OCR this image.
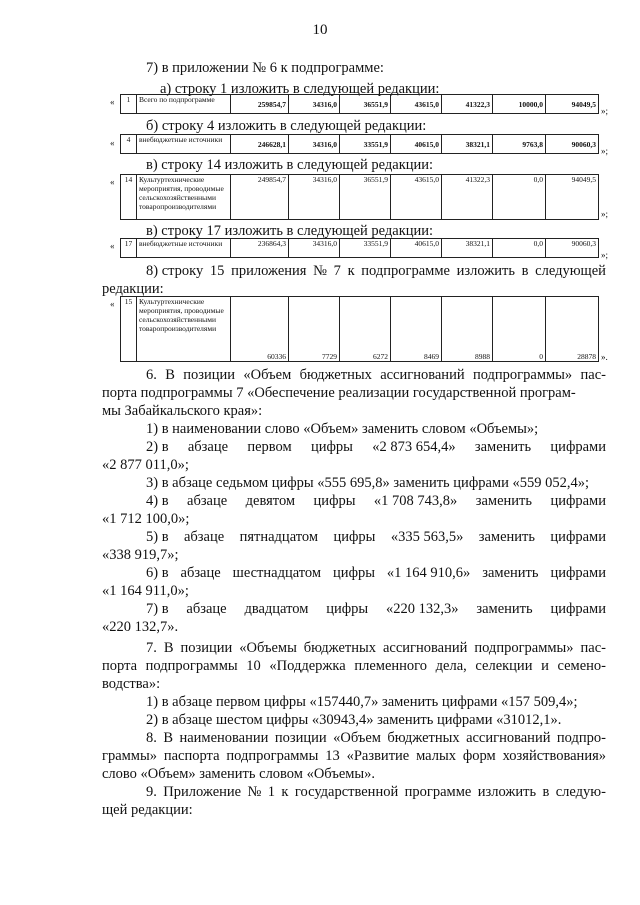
10
7) в приложении № 6 к подпрограмме:
а) строку 1 изложить в следующей редакции:
« 1	Всего по подпрограмме	259854,7	34316,0	36551,9	43615,0	41322,3	10000,0	94049,5
»;
б) строку 4 изложить в следующей редакции:
« 4	внебюджетные источники	246628,1	34316,0	33551,9	40615,0	38321,1	9763,8	90060,3
»;
в) строку 14 изложить в следующей редакции:
« 14	Культуртехнические мероприятия, проводимые сельскохозяйственными товаропроизводителями	249854,7	34316,0	36551,9	43615,0	41322,3	0,0	94049,5
»;
в) строку 17 изложить в следующей редакции:
« 17	внебюджетные источники	236864,3	34316,0	33551,9	40615,0	38321,1	0,0	90060,3
»;
8) строку 15 приложения № 7 к подпрограмме изложить в следующей
редакции:
« 15	Культуртехнические мероприятия, проводимые сельскохозяйственными товаропроизводителями	60336	7729	6272	8469	8988	0	28878 ».
6. В позиции «Объем бюджетных ассигнований подпрограммы» пас-
порта подпрограммы 7 «Обеспечение реализации государственной програм-
мы Забайкальского края»:
1) в наименовании слово «Объем» заменить словом «Объемы»;
2) в абзаце первом цифры «2 873 654,4» заменить цифрами
«2 877 011,0»;
3) в абзаце седьмом цифры «555 695,8» заменить цифрами «559 052,4»;
4) в абзаце девятом цифры «1 708 743,8» заменить цифрами
«1 712 100,0»;
5) в абзаце пятнадцатом цифры «335 563,5» заменить цифрами
«338 919,7»;
6) в абзаце шестнадцатом цифры «1 164 910,6» заменить цифрами
«1 164 911,0»;
7) в абзаце двадцатом цифры «220 132,3» заменить цифрами
«220 132,7».
7. В позиции «Объемы бюджетных ассигнований подпрограммы» пас-
порта подпрограммы 10 «Поддержка племенного дела, селекции и семено-
водства»:
1) в абзаце первом цифры «157440,7» заменить цифрами «157 509,4»;
2) в абзаце шестом цифры «30943,4» заменить цифрами «31012,1».
8. В наименовании позиции «Объем бюджетных ассигнований подпро-
граммы» паспорта подпрограммы 13 «Развитие малых форм хозяйствования»
слово «Объем» заменить словом «Объемы».
9. Приложение № 1 к государственной программе изложить в следую-
щей редакции:
